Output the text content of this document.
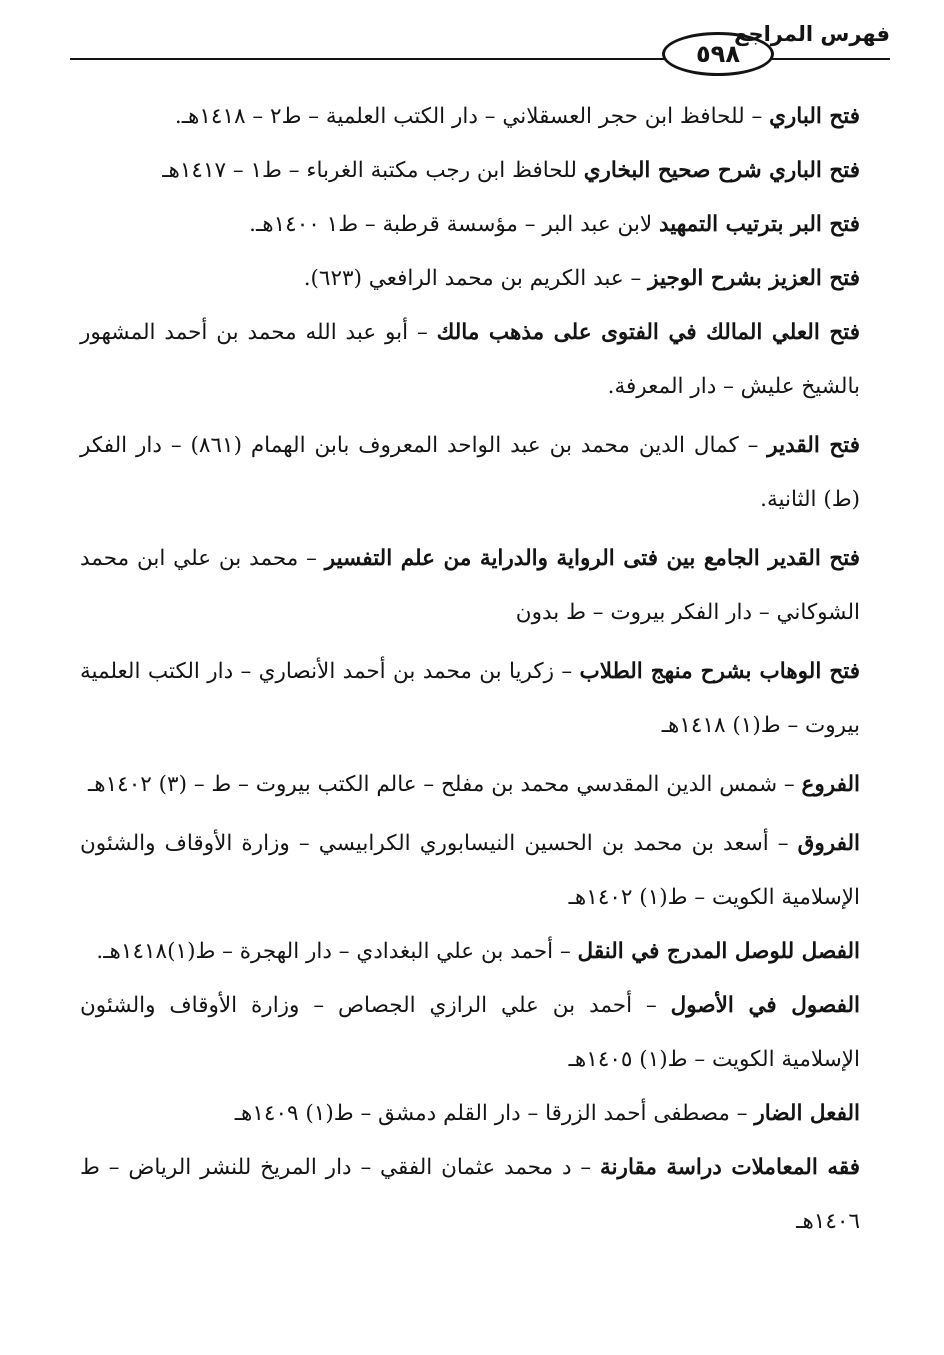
٥٩٨
فهرس المراجع
فتح الباري – للحافظ ابن حجر العسقلاني – دار الكتب العلمية – ط٢ – ١٤١٨هـ.
فتح الباري شرح صحيح البخاري للحافظ ابن رجب مكتبة الغرباء – ط١ – ١٤١٧هـ
فتح البر بترتيب التمهيد لابن عبد البر – مؤسسة قرطبة – ط١ ١٤٠٠هـ.
فتح العزيز بشرح الوجيز – عبد الكريم بن محمد الرافعي (٦٢٣).
فتح العلي المالك في الفتوى على مذهب مالك – أبو عبد الله محمد بن أحمد المشهور بالشيخ عليش – دار المعرفة.
فتح القدير – كمال الدين محمد بن عبد الواحد المعروف بابن الهمام (٨٦١) – دار الفكر (ط) الثانية.
فتح القدير الجامع بين فتى الرواية والدراية من علم التفسير – محمد بن علي ابن محمد الشوكاني – دار الفكر بيروت – ط بدون
فتح الوهاب بشرح منهج الطلاب – زكريا بن محمد بن أحمد الأنصاري – دار الكتب العلمية بيروت – ط(١) ١٤١٨هـ
الفروع – شمس الدين المقدسي محمد بن مفلح – عالم الكتب بيروت – ط – (٣) ١٤٠٢هـ
الفروق – أسعد بن محمد بن الحسين النيسابوري الكرابيسي – وزارة الأوقاف والشئون الإسلامية الكويت – ط(١) ١٤٠٢هـ
الفصل للوصل المدرج في النقل – أحمد بن علي البغدادي – دار الهجرة – ط(١)١٤١٨هـ.
الفصول في الأصول – أحمد بن علي الرازي الجصاص – وزارة الأوقاف والشئون الإسلامية الكويت – ط(١) ١٤٠٥هـ
الفعل الضار – مصطفى أحمد الزرقا – دار القلم دمشق – ط(١) ١٤٠٩هـ
فقه المعاملات دراسة مقارنة – د محمد عثمان الفقي – دار المريخ للنشر الرياض – ط ١٤٠٦هـ
